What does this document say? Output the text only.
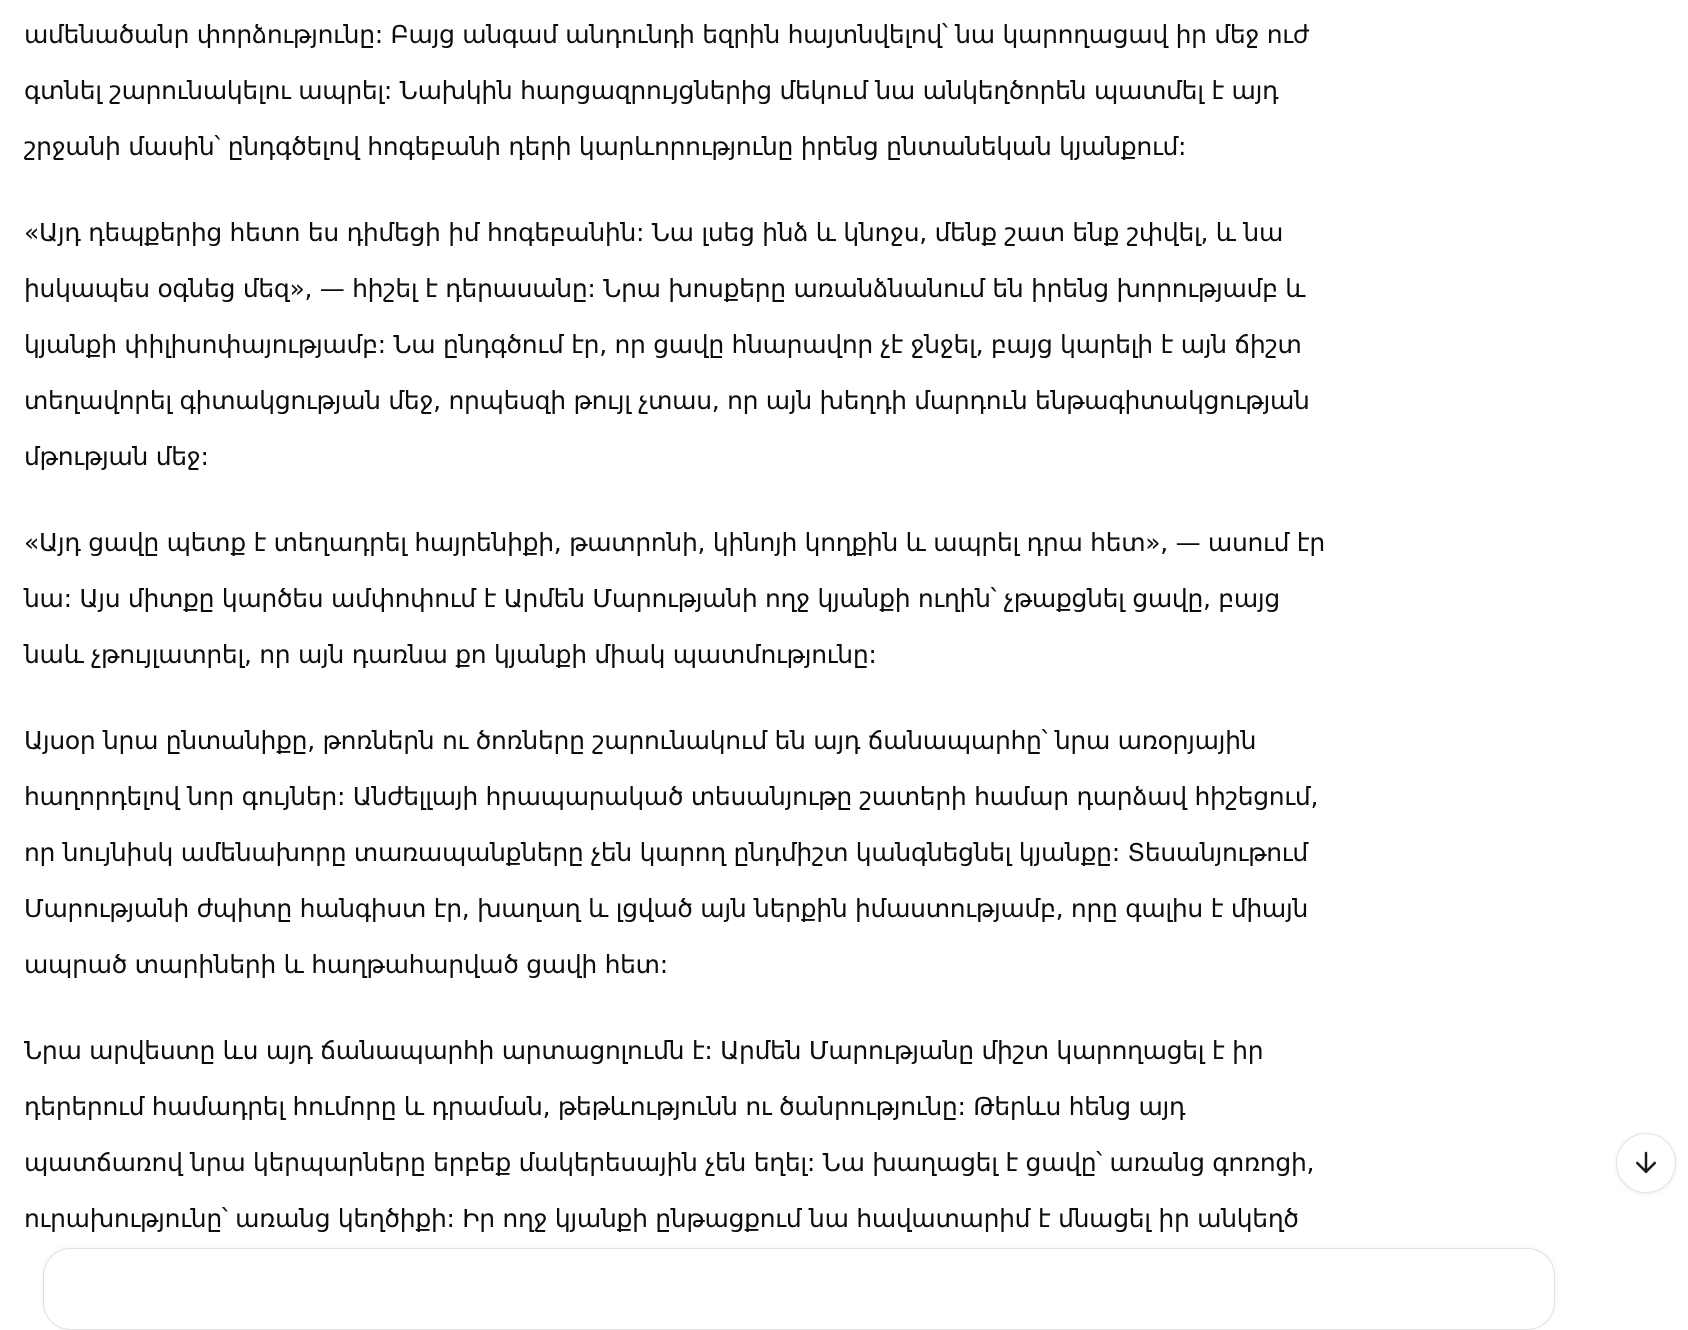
ամենածանր փորձությունը: Բայց անգամ անդունդի եզրին հայտնվելով՝ նա կարողացավ իր մեջ ուժ
գտնել շարունակելու ապրել: Նախկին հարցազրույցներից մեկում նա անկեղծորեն պատմել է այդ
շրջանի մասին՝ ընդգծելով հոգեբանի դերի կարևորությունը իրենց ընտանեկան կյանքում:

«Այդ դեպքերից հետո ես դիմեցի իմ հոգեբանին: Նա լսեց ինձ և կնոջս, մենք շատ ենք շփվել, և նա
իսկապես օգնեց մեզ», — հիշել է դերասանը: Նրա խոսքերը առանձնանում են իրենց խորությամբ և
կյանքի փիլիսոփայությամբ: Նա ընդգծում էր, որ ցավը հնարավոր չէ ջնջել, բայց կարելի է այն ճիշտ
տեղավորել գիտակցության մեջ, որպեսզի թույլ չտաս, որ այն խեղդի մարդուն ենթագիտակցության
մթության մեջ:

«Այդ ցավը պետք է տեղադրել հայրենիքի, թատրոնի, կինոյի կողքին և ապրել դրա հետ», — ասում էր
նա: Այս միտքը կարծես ամփոփում է Արմեն Մարությանի ողջ կյանքի ուղին՝ չթաքցնել ցավը, բայց
նաև չթույլատրել, որ այն դառնա քո կյանքի միակ պատմությունը:

Այսօր նրա ընտանիքը, թոռներն ու ծոռները շարունակում են այդ ճանապարհը՝ նրա առօրյային
հաղորդելով նոր գույներ: Անժելլայի հրապարակած տեսանյութը շատերի համար դարձավ հիշեցում,
որ նույնիսկ ամենախորը տառապանքները չեն կարող ընդմիշտ կանգնեցնել կյանքը: Տեսանյութում
Մարությանի ժպիտը հանգիստ էր, խաղաղ և լցված այն ներքին իմաստությամբ, որը գալիս է միայն
ապրած տարիների և հաղթահարված ցավի հետ:

Նրա արվեստը ևս այդ ճանապարհի արտացոլումն է: Արմեն Մարությանը միշտ կարողացել է իր
դերերում համադրել հումորը և դրաման, թեթևությունն ու ծանրությունը: Թերևս հենց այդ
պատճառով նրա կերպարները երբեք մակերեսային չեն եղել: Նա խաղացել է ցավը՝ առանց գոռոցի,
ուրախությունը՝ առանց կեղծիքի: Իր ողջ կյանքի ընթացքում նա հավատարիմ է մնացել իր անկեղծ
